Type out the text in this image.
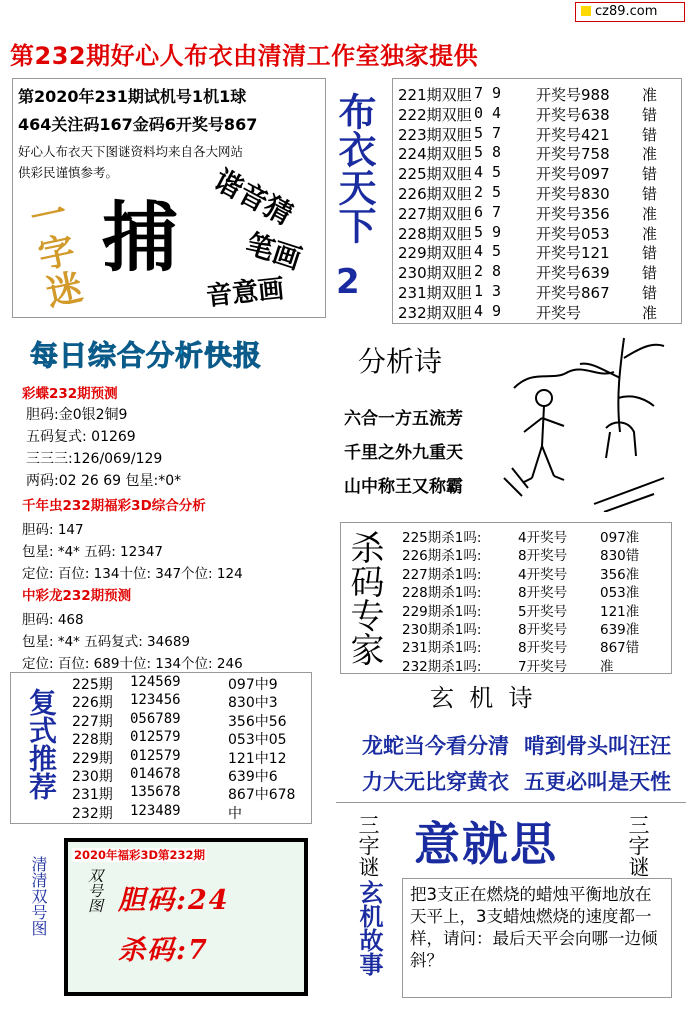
cz89.com
第232期好心人布衣由清清工作室独家提供
第2020年231期试机号1机1球
464关注码167金码6开奖号867
好心人布衣天下图谜资料均来自各大网站
供彩民谨慎参考。
一字迷 捕 谐音猜
笔画
音意画
布衣天下
2
221期双胆 7 9 开奖号988 准
222期双胆 0 4 开奖号638 错
223期双胆 5 7 开奖号421 错
224期双胆 5 8 开奖号758 准
225期双胆 4 5 开奖号097 错
226期双胆 2 5 开奖号830 错
227期双胆 6 7 开奖号356 准
228期双胆 5 9 开奖号053 准
229期双胆 4 5 开奖号121 错
230期双胆 2 8 开奖号639 错
231期双胆 1 3 开奖号867 错
232期双胆 4 9 开奖号	准
每日综合分析快报
彩蝶232期预测
胆码:金0银2铜9
五码复式: 01269
三三三:126/069/129
两码:02 26 69 包星:*0*
千年虫232期福彩3D综合分析
胆码: 147
包星: *4* 五码: 12347
定位: 百位: 134十位: 347个位: 124
中彩龙232期预测
胆码: 468
包星: *4* 五码复式: 34689
定位: 百位: 689十位: 134个位: 246
分析诗
六合一方五流芳
千里之外九重天
山中称王又称霸
杀码专家 225期杀1吗:	4开奖号 097准
226期杀1吗:	8开奖号 830错
227期杀1吗:	4开奖号 356准
228期杀1吗:	8开奖号 053准
229期杀1吗:	5开奖号 121准
230期杀1吗:	8开奖号 639准
231期杀1吗:	8开奖号 867错
232期杀1吗:	7开奖号 准
复式推荐
225期 124569	097中9
226期 123456	830中3
227期 056789	356中56
228期 012579	053中05
229期 012579	121中12
230期 014678	639中6
231期 135678	867中678
232期 123489	中
玄  机  诗
龙蛇当今看分清 啃到骨头叫汪汪
力大无比穿黄衣 五更必叫是天性
三字谜 意就思	三字谜
玄机故事 把3支正在燃烧的蜡烛平衡地放在天平上，3支蜡烛燃烧的速度都一样，请问：最后天平会向哪一边倾斜？
清清双号图
2020年福彩3D第232期
双号图 胆码:24
杀码:7
